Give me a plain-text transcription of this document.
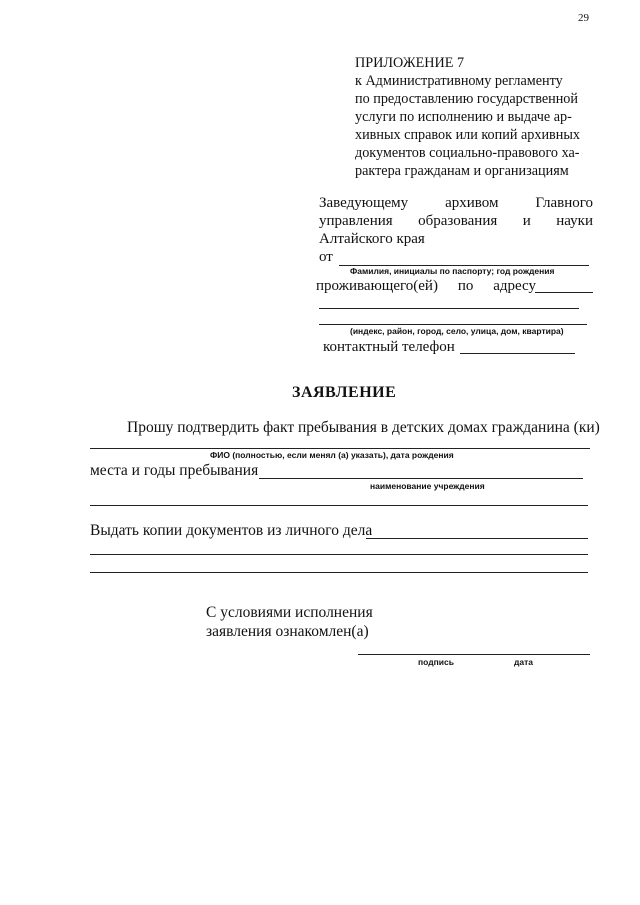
29
ПРИЛОЖЕНИЕ 7
к Административному регламенту
по предоставлению государственной
услуги по исполнению и выдаче ар-
хивных справок или копий архивных
документов социально-правового ха-
рактера гражданам и организациям
Заведующему архивом Главного
управления образования и науки
Алтайского края
от
Фамилия, инициалы по паспорту; год рождения
проживающего(ей) по адресу
(индекс, район, город, село, улица, дом, квартира)
контактный телефон
ЗАЯВЛЕНИЕ
Прошу подтвердить факт пребывания в детских домах гражданина (ки)
ФИО (полностью, если менял (а) указать), дата рождения
места и годы пребывания
наименование учреждения
Выдать копии документов из личного дела
С условиями исполнения
заявления ознакомлен(а)
подпись	дата
